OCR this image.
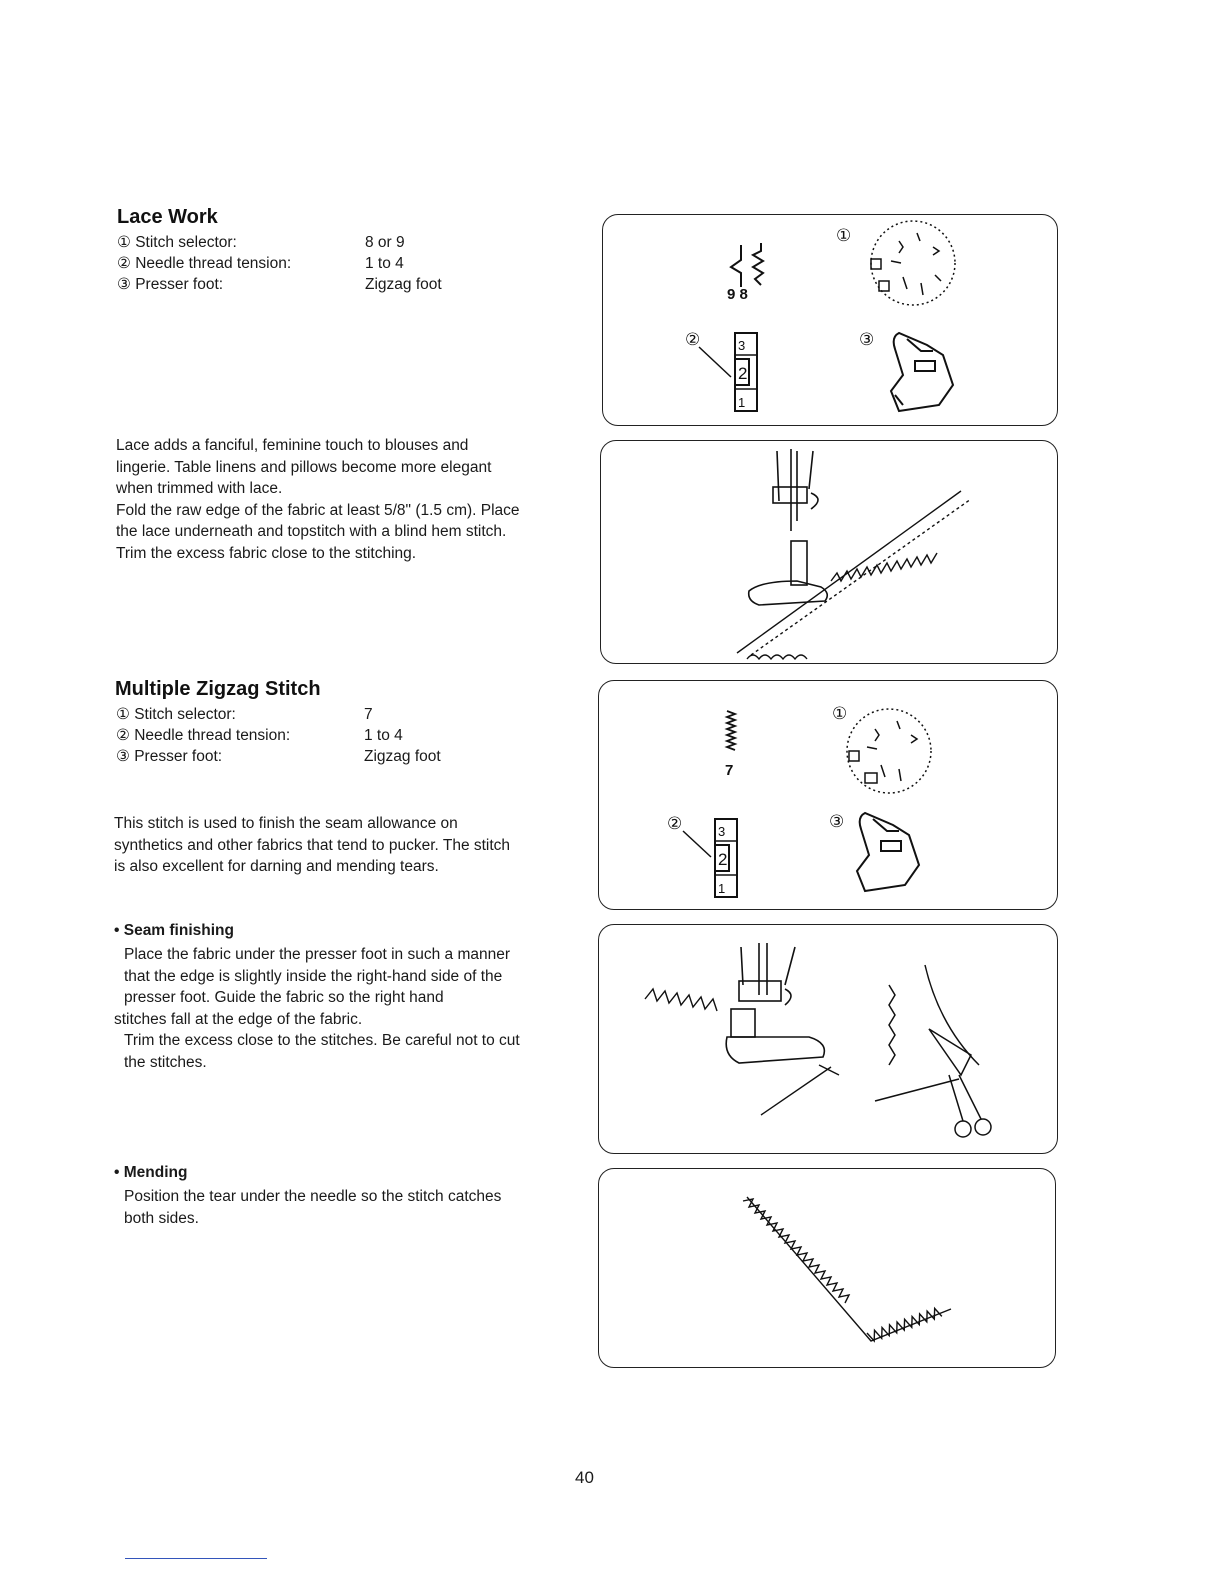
Lace Work
① Stitch selector:	8 or 9
② Needle thread tension:	1 to 4
③ Presser foot:	Zigzag foot
Lace adds a fanciful, feminine touch to blouses and
lingerie. Table linens and pillows become more elegant
when trimmed with lace.
Fold the raw edge of the fabric at least 5/8" (1.5 cm). Place
the lace underneath and topstitch with a blind hem stitch.
Trim the excess fabric close to the stitching.
9 8
①
②	3
2
1
③
Multiple Zigzag Stitch
① Stitch selector:	7
② Needle thread tension:	1 to 4
③ Presser foot:	Zigzag foot
This stitch is used to finish the seam allowance on
synthetics and other fabrics that tend to pucker. The stitch
is also excellent for darning and mending tears.
• Seam finishing
Place the fabric under the presser foot in such a manner
that the edge is slightly inside the right-hand side of the
presser foot. Guide the fabric so the right hand
stitches fall at the edge of the fabric.
Trim the excess close to the stitches. Be careful not to cut
the stitches.
• Mending
Position the tear under the needle so the stitch catches
both sides.
7
①
②	3
2
1
③
40
